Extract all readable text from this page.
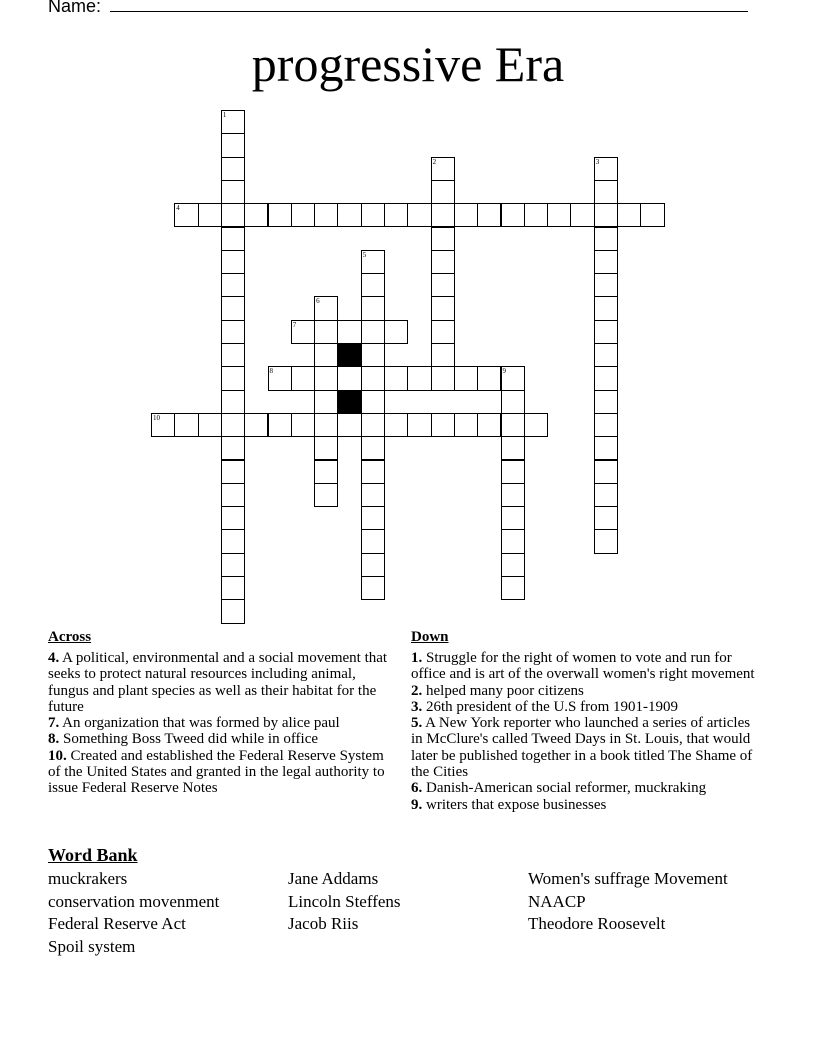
Name:
progressive Era
1
2	3
4
5
6
7
8	9
10
Across	Down

4. A political, environmental and a social movement that seeks to protect natural resources including animal, fungus and plant species as well as their habitat for the future

7. An organization that was formed by alice paul

8. Something Boss Tweed did while in office

10. Created and established the Federal Reserve System of the United States and granted in the legal authority to issue Federal Reserve Notes

1. Struggle for the right of women to vote and run for office and is art of the overwall women's right movement

2. helped many poor citizens

3. 26th president of the U.S from 1901-1909

5. A New York reporter who launched a series of articles in McClure's called Tweed Days in St. Louis, that would later be published together in a book titled The Shame of the Cities

6. Danish-American social reformer, muckraking

9. writers that expose businesses

Word Bank
muckrakers
conservation movenment
Federal Reserve Act
Spoil system
Jane Addams
Lincoln Steffens
Jacob Riis
Women's suffrage Movement
NAACP
Theodore Roosevelt
